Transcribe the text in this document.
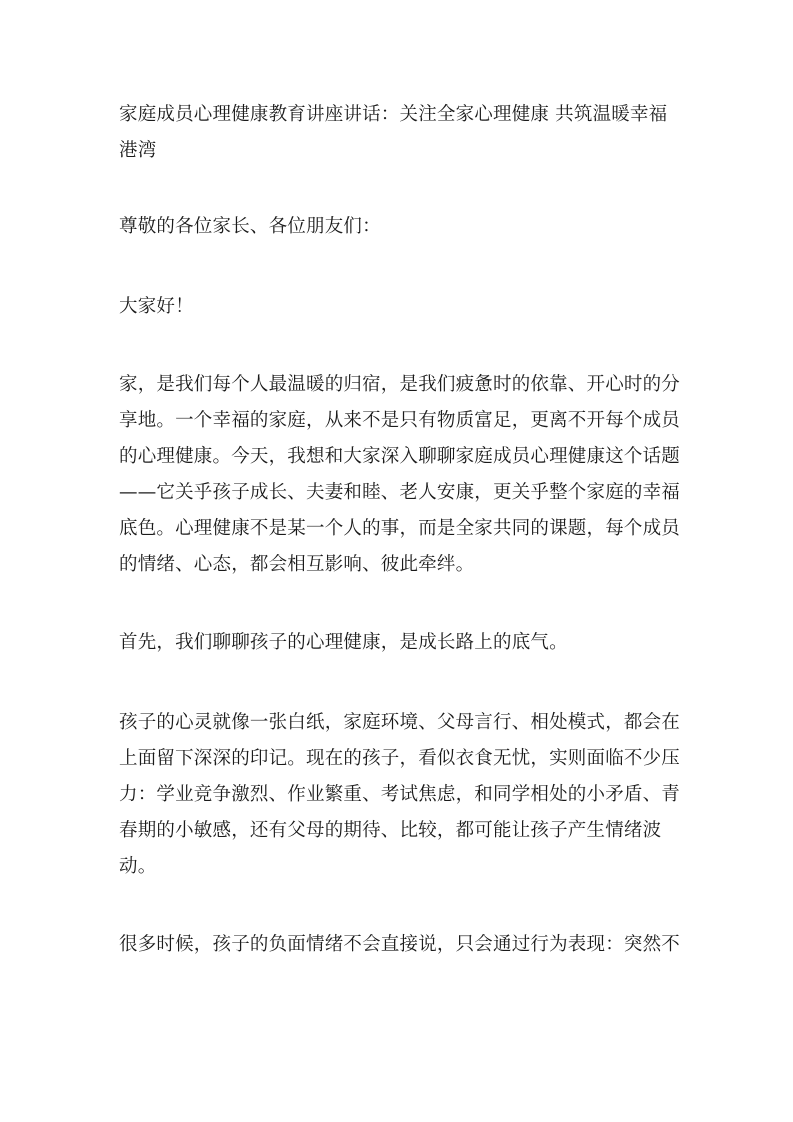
家庭成员心理健康教育讲座讲话：关注全家心理健康 共筑温暖幸福港湾

尊敬的各位家长、各位朋友们：

大家好！

家，是我们每个人最温暖的归宿，是我们疲惫时的依靠、开心时的分享地。一个幸福的家庭，从来不是只有物质富足，更离不开每个成员的心理健康。今天，我想和大家深入聊聊家庭成员心理健康这个话题——它关乎孩子成长、夫妻和睦、老人安康，更关乎整个家庭的幸福底色。心理健康不是某一个人的事，而是全家共同的课题，每个成员的情绪、心态，都会相互影响、彼此牵绊。

首先，我们聊聊孩子的心理健康，是成长路上的底气。

孩子的心灵就像一张白纸，家庭环境、父母言行、相处模式，都会在上面留下深深的印记。现在的孩子，看似衣食无忧，实则面临不少压力：学业竞争激烈、作业繁重、考试焦虑，和同学相处的小矛盾、青春期的小敏感，还有父母的期待、比较，都可能让孩子产生情绪波动。

很多时候，孩子的负面情绪不会直接说，只会通过行为表现：突然不
